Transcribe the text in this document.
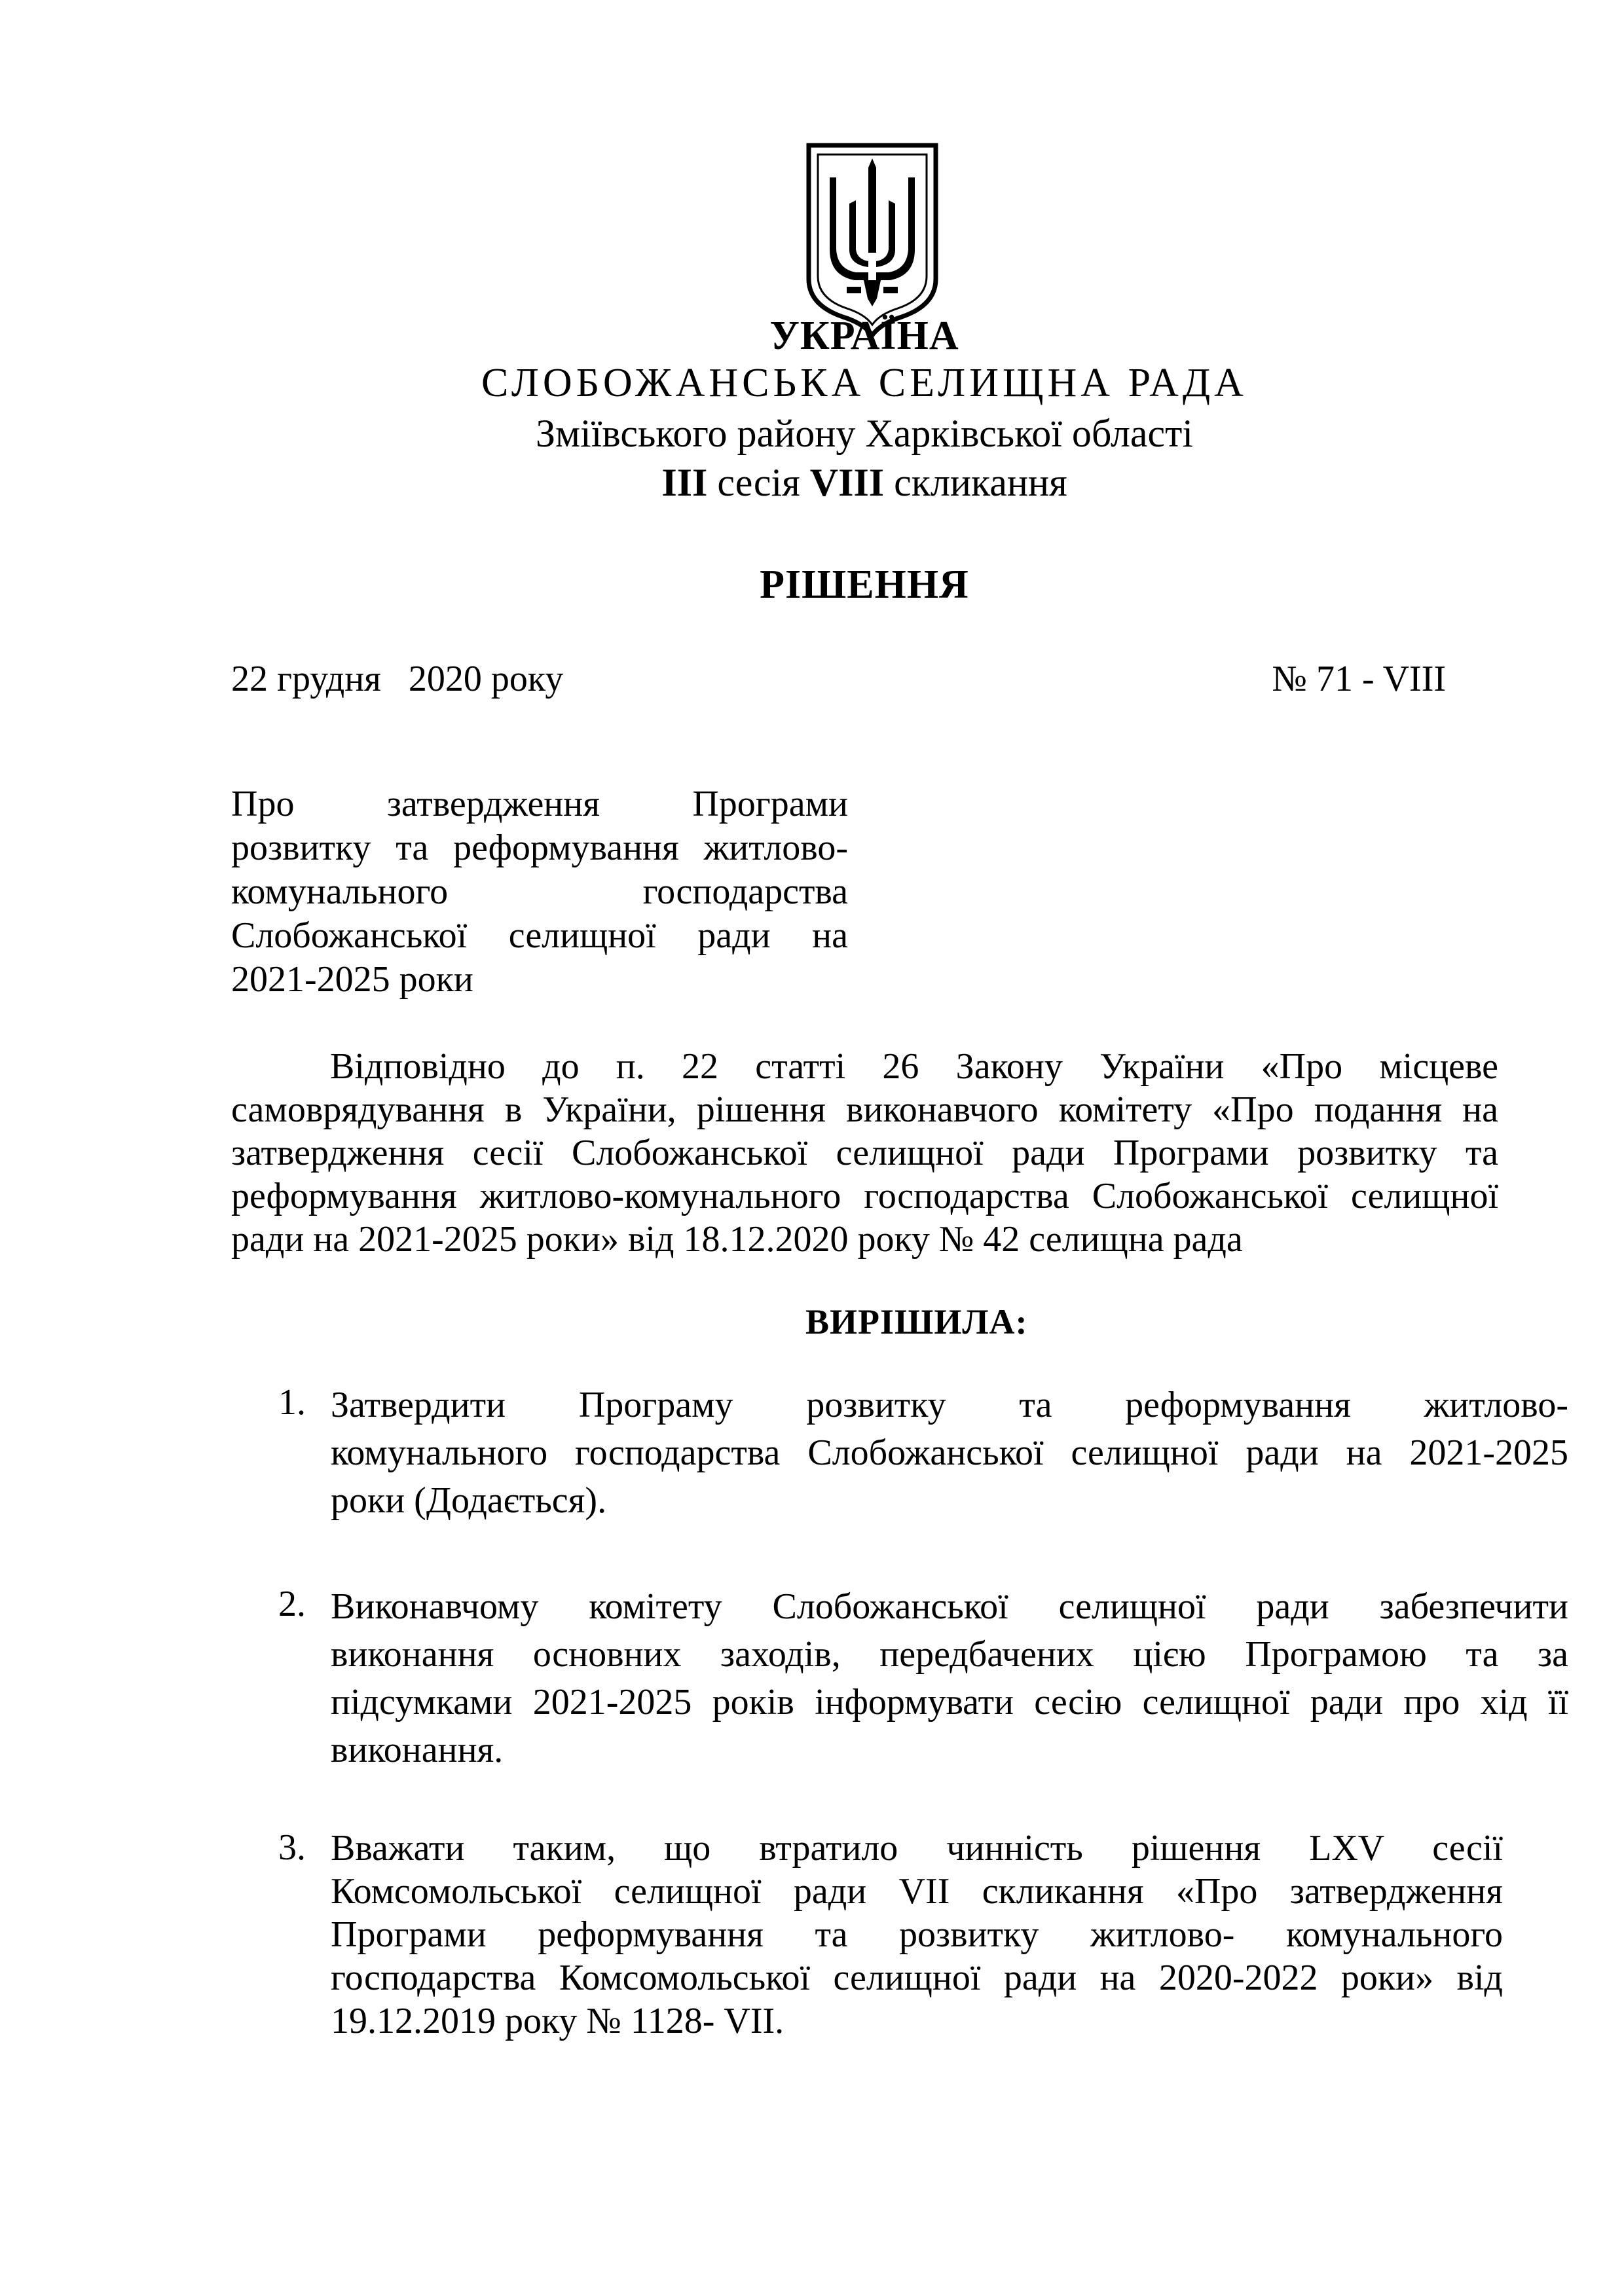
УКРАЇНА
СЛОБОЖАНСЬКА СЕЛИЩНА РАДА
Зміївського району Харківської області
ІІІ сесія VIІІ скликання
РІШЕННЯ
22 грудня   2020 року	№ 71 - VIII
Про затвердження Програми
розвитку та реформування житлово-
комунального господарства
Слобожанської селищної ради на
2021-2025 роки
Відповідно до п. 22 статті 26 Закону України «Про місцеве
самоврядування в України, рішення виконавчого комітету «Про подання на
затвердження сесії Слобожанської селищної ради Програми розвитку та
реформування житлово-комунального господарства Слобожанської селищної
ради на 2021-2025 роки» від 18.12.2020 року № 42 селищна рада
ВИРІШИЛА:
1. Затвердити Програму розвитку та реформування житлово-
комунального господарства Слобожанської селищної ради на 2021-2025
роки (Додається).
2. Виконавчому комітету Слобожанської селищної ради забезпечити
виконання основних заходів, передбачених цією Програмою та за
підсумками 2021-2025 років інформувати сесію селищної ради про хід її
виконання.
3. Вважати таким, що втратило чинність рішення LXV сесії
Комсомольської селищної ради VII скликання «Про затвердження
Програми реформування та розвитку житлово- комунального
господарства Комсомольської селищної ради на 2020-2022 роки» від
19.12.2019 року № 1128- VII.
